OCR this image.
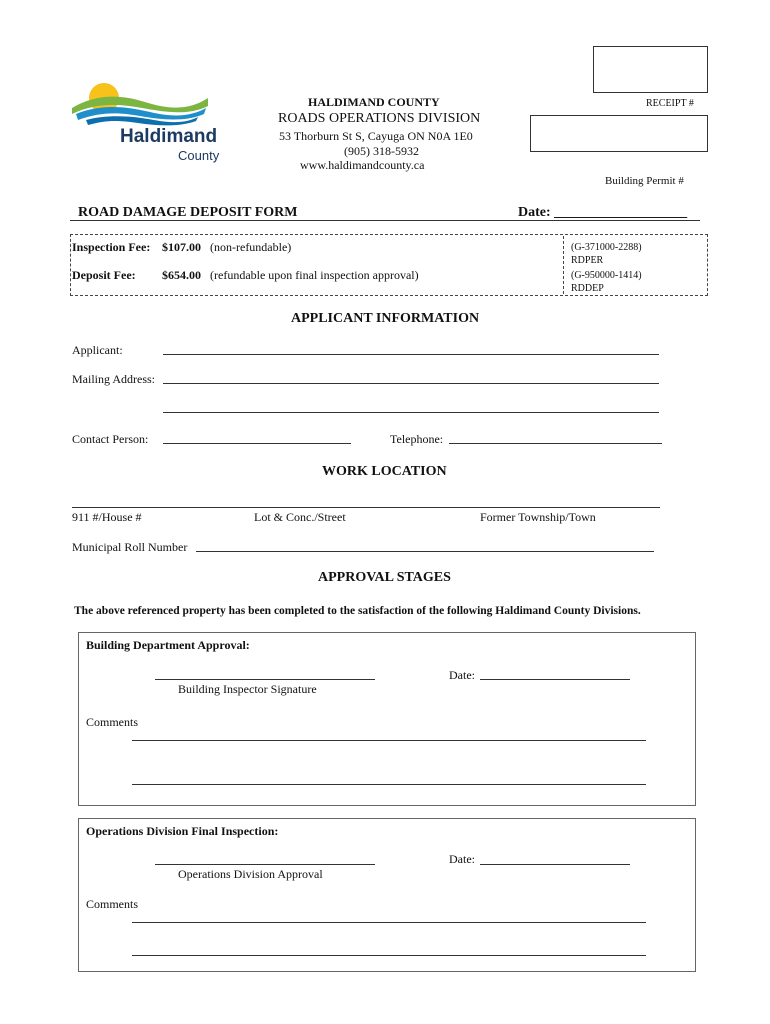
Haldimand
County
HALDIMAND COUNTY
ROADS OPERATIONS DIVISION
53 Thorburn St S, Cayuga ON N0A 1E0
(905) 318-5932
www.haldimandcounty.ca
RECEIPT #
Building Permit #
ROAD DAMAGE DEPOSIT FORM	Date: ___________________
Inspection Fee: $107.00 (non-refundable)
Deposit Fee: $654.00 (refundable upon final inspection approval)
(G-371000-2288)
RDPER
(G-950000-1414)
RDDEP
APPLICANT INFORMATION
Applicant:
Mailing Address:
Contact Person:	Telephone:
WORK LOCATION
911 #/House #	Lot & Conc./Street	Former Township/Town
Municipal Roll Number
APPROVAL STAGES
The above referenced property has been completed to the satisfaction of the following Haldimand County Divisions.
Building Department Approval:
Building Inspector Signature
Date:
Comments
Operations Division Final Inspection:
Operations Division Approval
Date:
Comments
